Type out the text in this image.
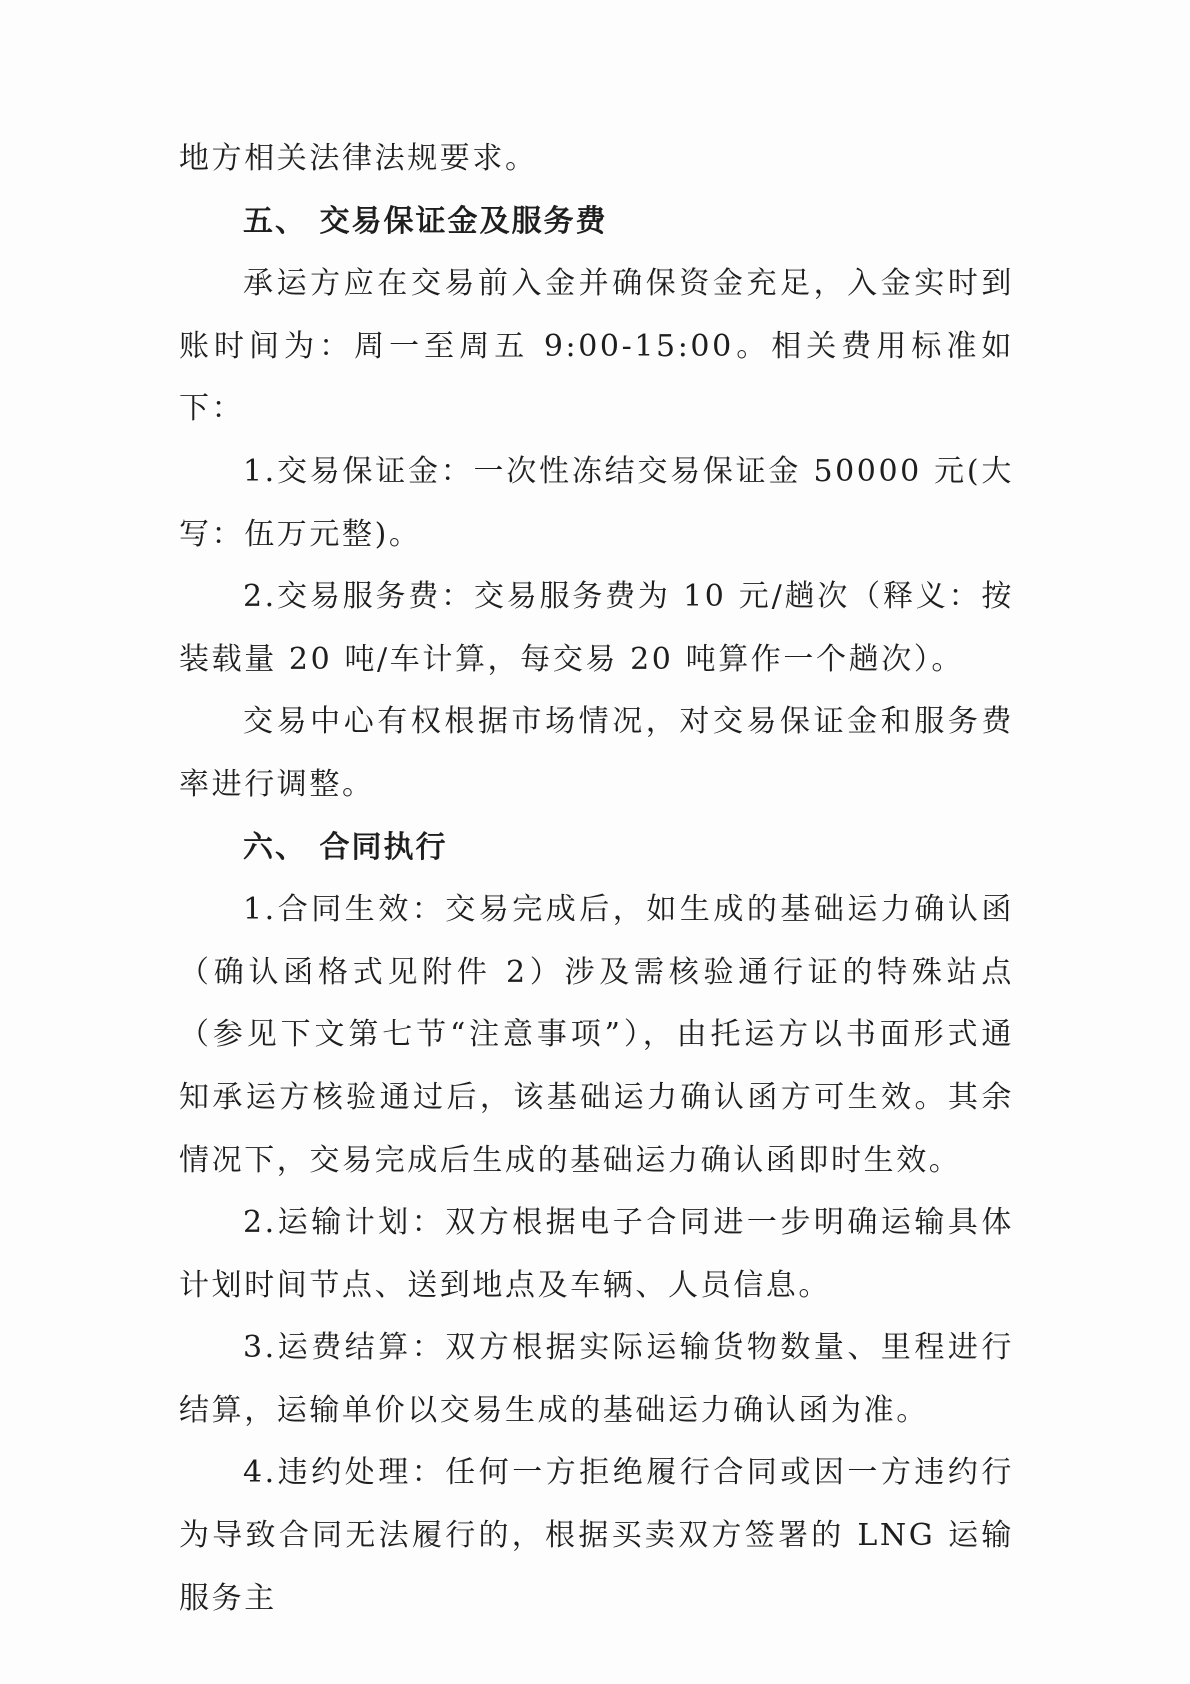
地方相关法律法规要求。

五、 交易保证金及服务费

承运方应在交易前入金并确保资金充足，入金实时到账时间为：周一至周五 9:00-15:00。相关费用标准如下：

1.交易保证金：一次性冻结交易保证金 50000 元(大写：伍万元整)。

2.交易服务费：交易服务费为 10 元/趟次（释义：按装载量 20 吨/车计算，每交易 20 吨算作一个趟次）。

交易中心有权根据市场情况，对交易保证金和服务费率进行调整。

六、 合同执行

1.合同生效：交易完成后，如生成的基础运力确认函（确认函格式见附件 2）涉及需核验通行证的特殊站点（参见下文第七节“注意事项”），由托运方以书面形式通知承运方核验通过后，该基础运力确认函方可生效。其余情况下，交易完成后生成的基础运力确认函即时生效。

2.运输计划：双方根据电子合同进一步明确运输具体计划时间节点、送到地点及车辆、人员信息。

3.运费结算：双方根据实际运输货物数量、里程进行结算，运输单价以交易生成的基础运力确认函为准。

4.违约处理：任何一方拒绝履行合同或因一方违约行为导致合同无法履行的，根据买卖双方签署的 LNG 运输服务主
